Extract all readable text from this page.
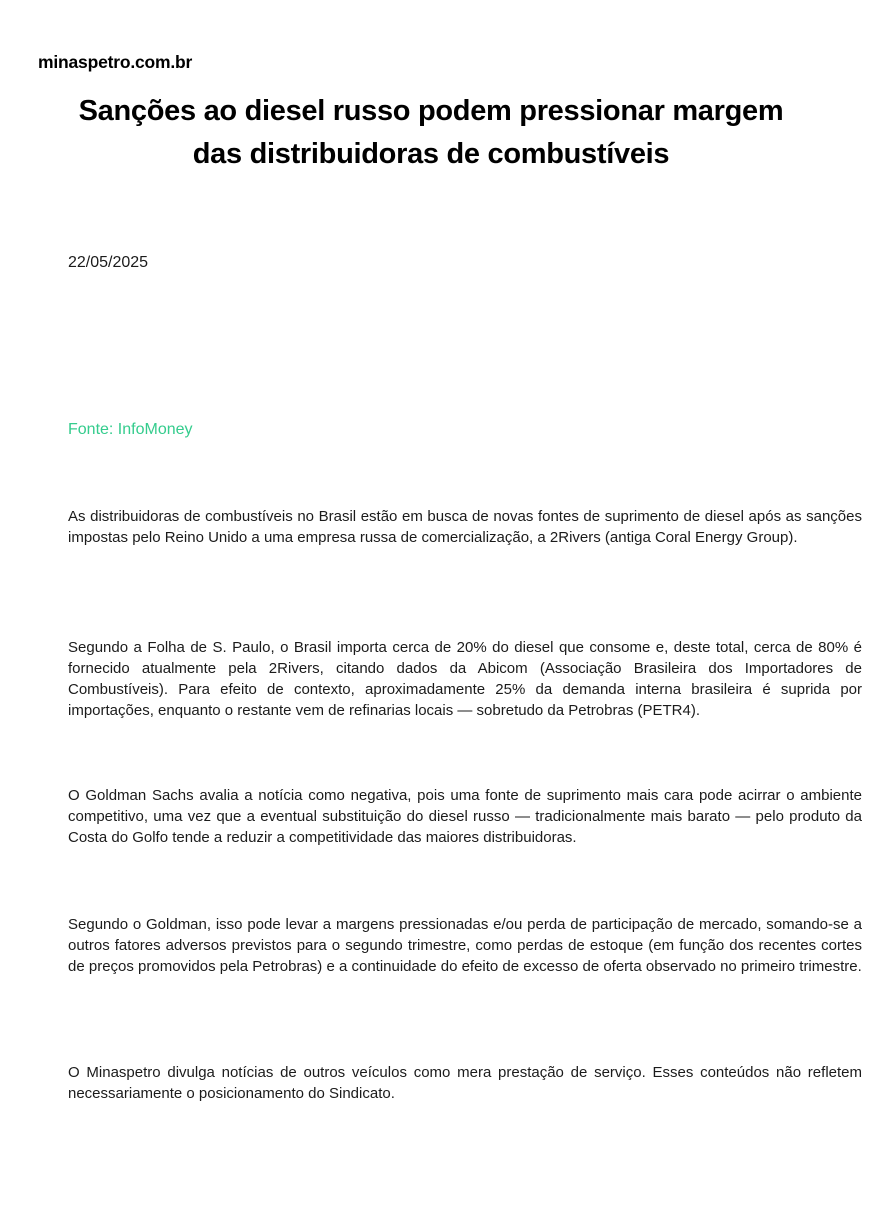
minaspetro.com.br
Sanções ao diesel russo podem pressionar margem
das distribuidoras de combustíveis
22/05/2025
Fonte: InfoMoney

As distribuidoras de combustíveis no Brasil estão em busca de novas fontes de suprimento de diesel após as sanções impostas pelo Reino Unido a uma empresa russa de comercialização, a 2Rivers (antiga Coral Energy Group).

Segundo a Folha de S. Paulo, o Brasil importa cerca de 20% do diesel que consome e, deste total, cerca de 80% é fornecido atualmente pela 2Rivers, citando dados da Abicom (Associação Brasileira dos Importadores de Combustíveis). Para efeito de contexto, aproximadamente 25% da demanda interna brasileira é suprida por importações, enquanto o restante vem de refinarias locais — sobretudo da Petrobras (PETR4).

O Goldman Sachs avalia a notícia como negativa, pois uma fonte de suprimento mais cara pode acirrar o ambiente competitivo, uma vez que a eventual substituição do diesel russo — tradicionalmente mais barato — pelo produto da Costa do Golfo tende a reduzir a competitividade das maiores distribuidoras.

Segundo o Goldman, isso pode levar a margens pressionadas e/ou perda de participação de mercado, somando-se a outros fatores adversos previstos para o segundo trimestre, como perdas de estoque (em função dos recentes cortes de preços promovidos pela Petrobras) e a continuidade do efeito de excesso de oferta observado no primeiro trimestre.

O Minaspetro divulga notícias de outros veículos como mera prestação de serviço. Esses conteúdos não refletem necessariamente o posicionamento do Sindicato.
